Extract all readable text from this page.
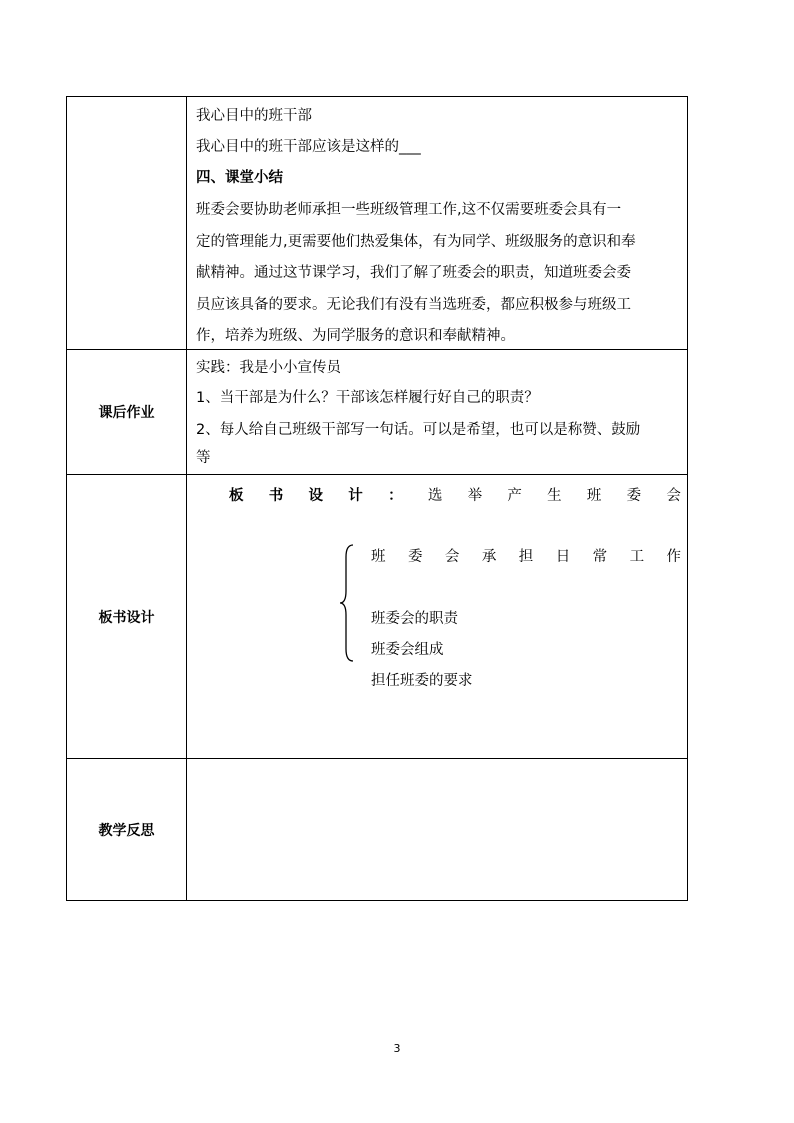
我心目中的班干部
我心目中的班干部应该是这样的___
四、课堂小结
班委会要协助老师承担一些班级管理工作,这不仅需要班委会具有一
定的管理能力,更需要他们热爱集体，有为同学、班级服务的意识和奉
献精神。通过这节课学习，我们了解了班委会的职责，知道班委会委
员应该具备的要求。无论我们有没有当选班委，都应积极参与班级工
作，培养为班级、为同学服务的意识和奉献精神。
课后作业
实践：我是小小宣传员
1、当干部是为什么？干部该怎样履行好自己的职责？
2、每人给自己班级干部写一句话。可以是希望，也可以是称赞、鼓励
等
板书设计
板 书 设 计 ： 选 举 产 生 班 委 会
班 委 会 承 担 日 常 工 作
班委会的职责
班委会组成
担任班委的要求
教学反思
3
